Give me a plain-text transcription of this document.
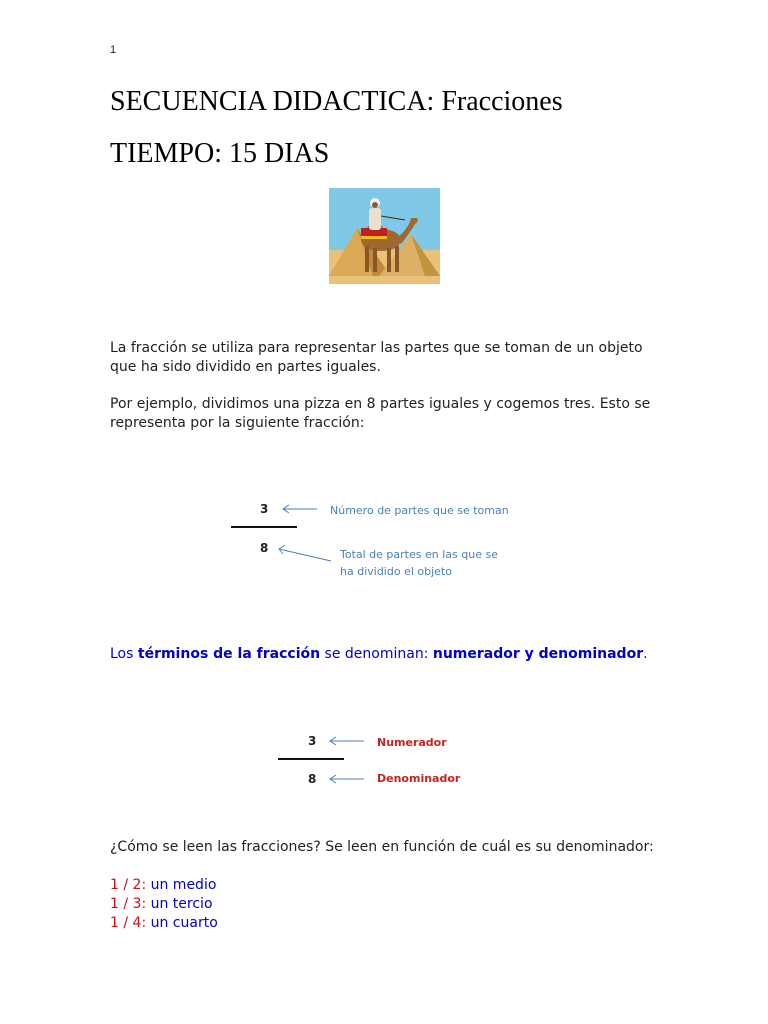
1
SECUENCIA DIDACTICA: Fracciones
TIEMPO: 15 DIAS
La fracción se utiliza para representar las partes que se toman de un objeto que ha sido dividido en partes iguales.
Por ejemplo, dividimos una pizza en 8 partes iguales y cogemos tres. Esto se representa por la siguiente fracción:
3
8
Número de partes que se toman
Total de partes en las que se
ha dividido el objeto
Los términos de la fracción se denominan: numerador y denominador.
3
8
Numerador
Denominador
¿Cómo se leen las fracciones? Se leen en función de cuál es su denominador:
1 / 2: un medio
1 / 3: un tercio
1 / 4: un cuarto
